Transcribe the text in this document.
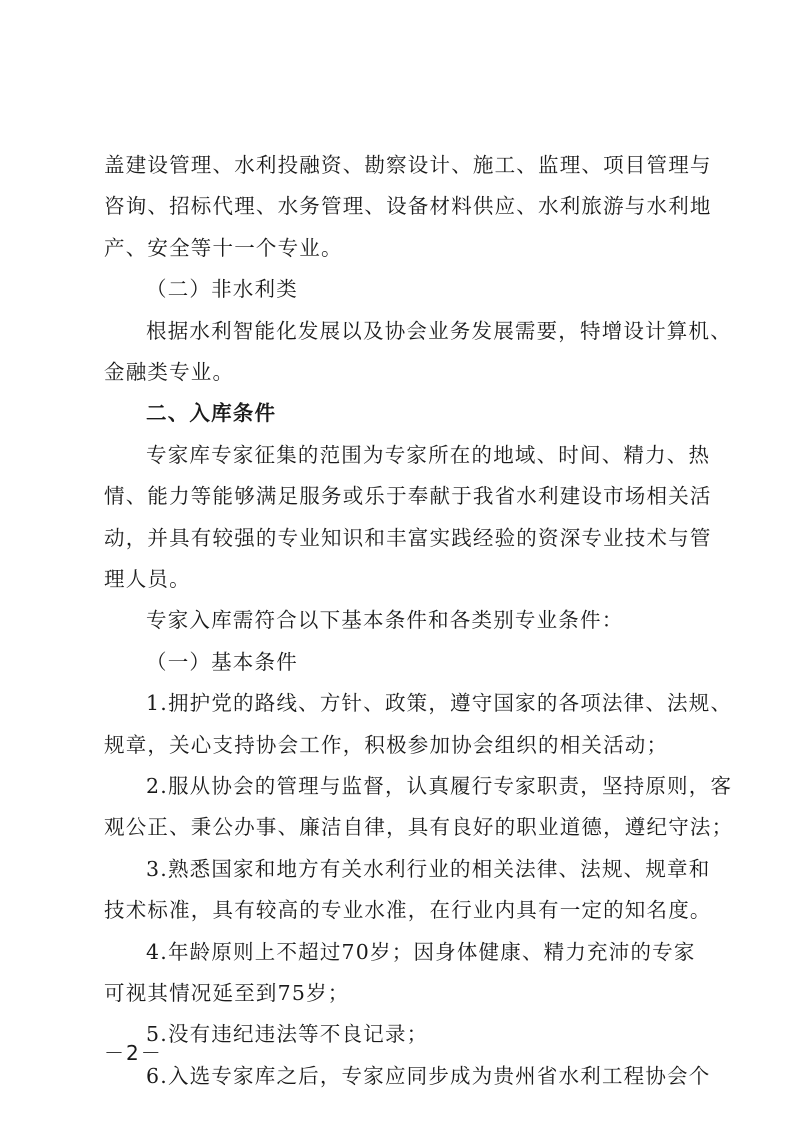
盖建设管理、水利投融资、勘察设计、施工、监理、项目管理与
咨询、招标代理、水务管理、设备材料供应、水利旅游与水利地
产、安全等十一个专业。
（二）非水利类
根据水利智能化发展以及协会业务发展需要，特增设计算机、
金融类专业。
二、入库条件
专家库专家征集的范围为专家所在的地域、时间、精力、热
情、能力等能够满足服务或乐于奉献于我省水利建设市场相关活
动，并具有较强的专业知识和丰富实践经验的资深专业技术与管
理人员。
专家入库需符合以下基本条件和各类别专业条件：
（一）基本条件
1.拥护党的路线、方针、政策，遵守国家的各项法律、法规、
规章，关心支持协会工作，积极参加协会组织的相关活动；
2.服从协会的管理与监督，认真履行专家职责，坚持原则，客
观公正、秉公办事、廉洁自律，具有良好的职业道德，遵纪守法；
3.熟悉国家和地方有关水利行业的相关法律、法规、规章和
技术标准，具有较高的专业水准，在行业内具有一定的知名度。
4.年龄原则上不超过70岁；因身体健康、精力充沛的专家
可视其情况延至到75岁；
5.没有违纪违法等不良记录；
6.入选专家库之后，专家应同步成为贵州省水利工程协会个
－2－
